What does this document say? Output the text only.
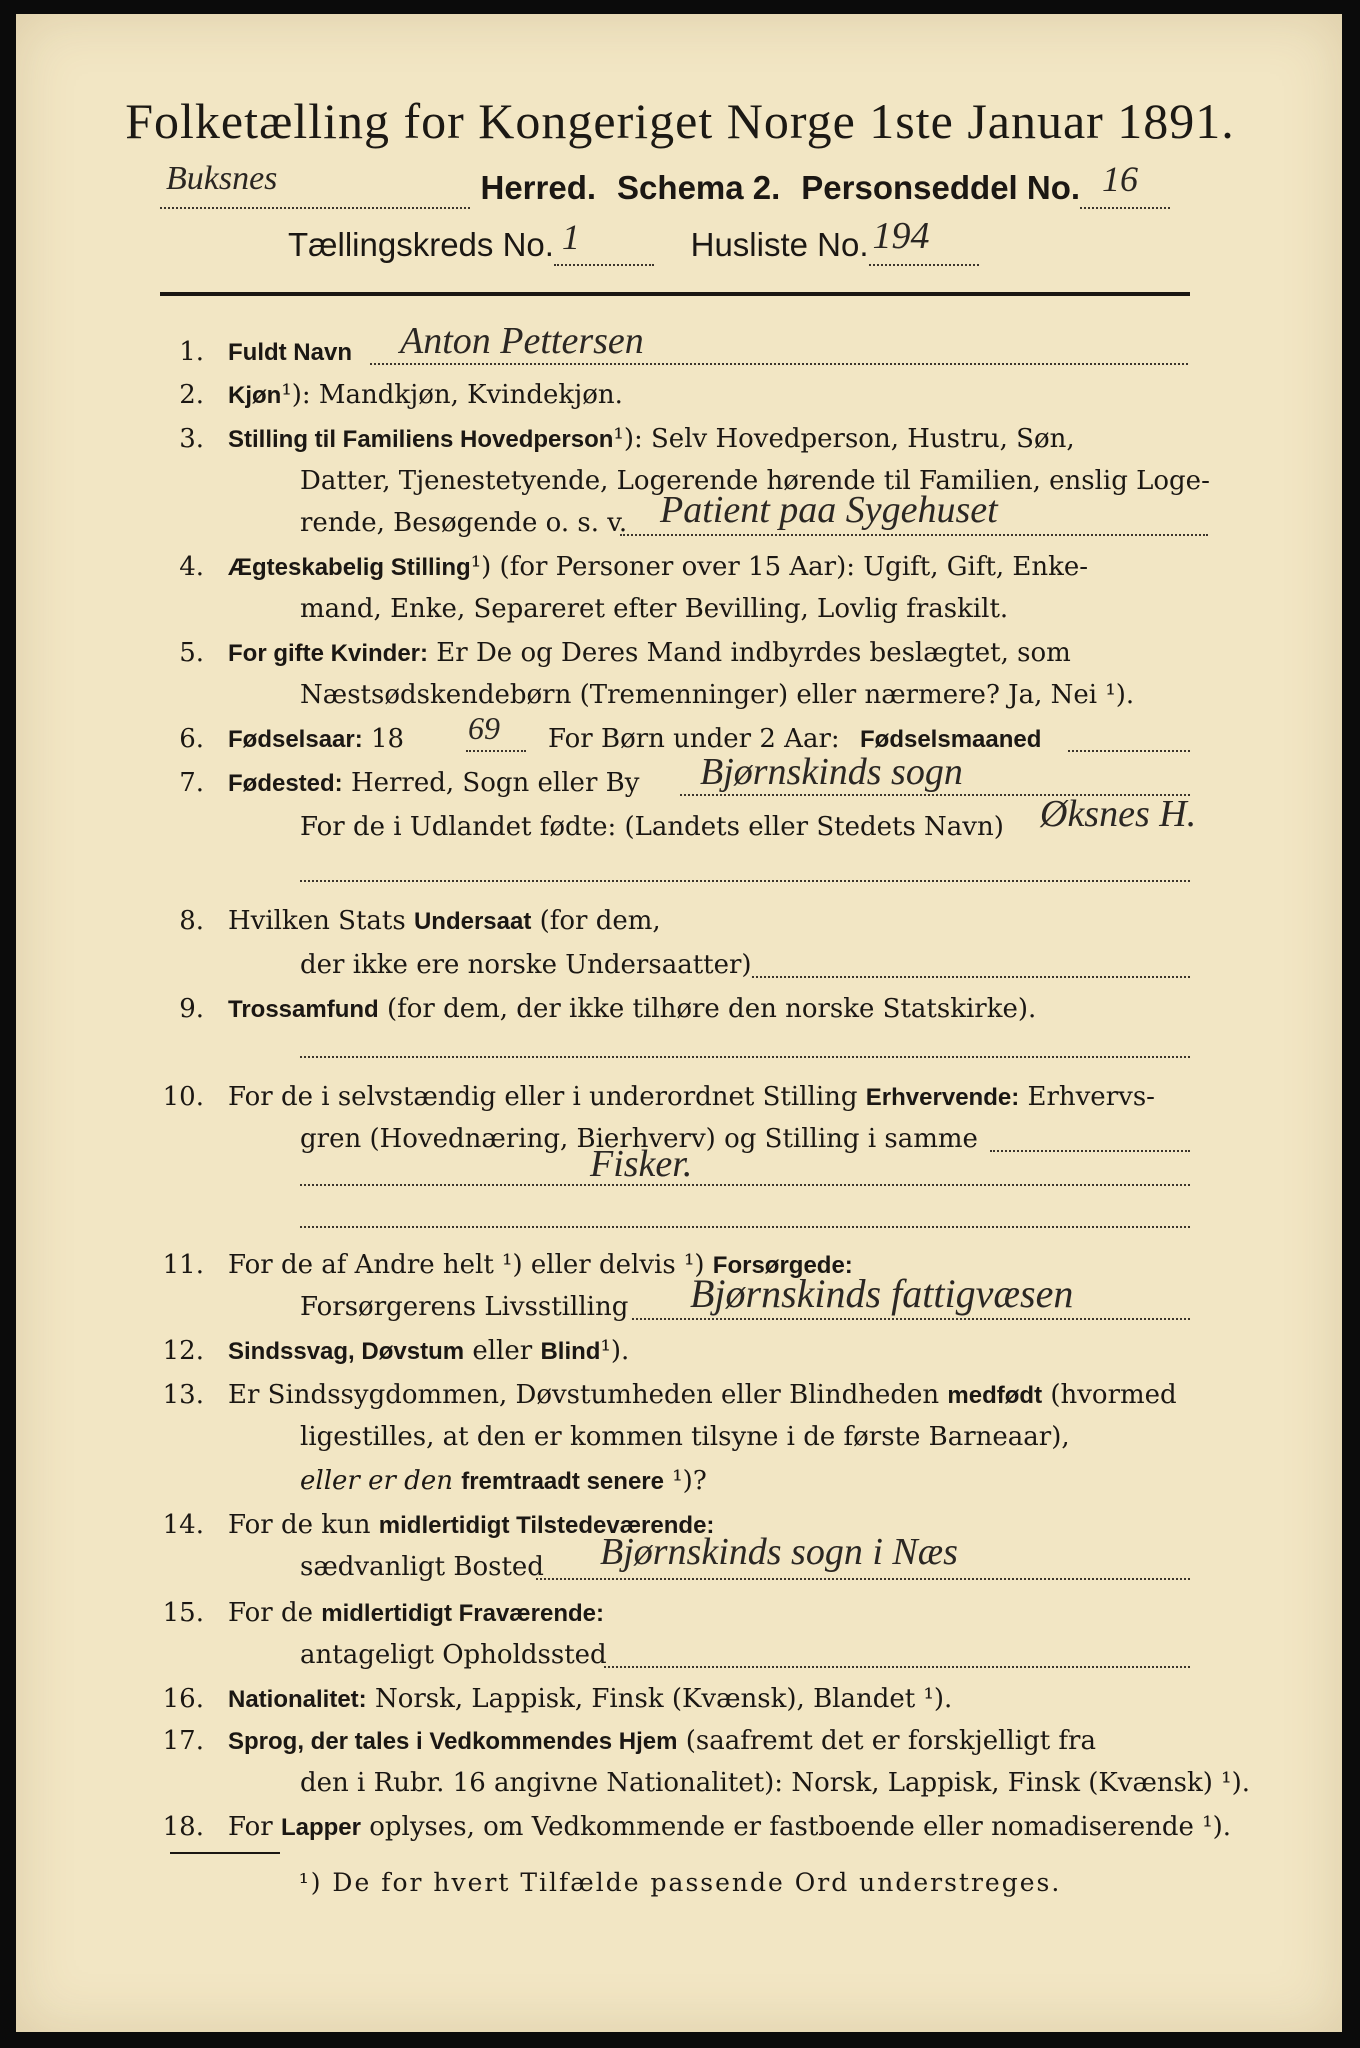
Folketælling for Kongeriget Norge 1ste Januar 1891.
Buksnes	Herred. Schema 2. Personseddel No. 16

Tællingskreds No. 1	Husliste No. 194

1. Fuldt Navn Anton Pettersen
2. Kjøn¹): Mandkjøn, Kvindekjøn.
3. Stilling til Familiens Hovedperson¹): Selv Hovedperson, Hustru, Søn,
Datter, Tjenestetyende, Logerende hørende til Familien, enslig Loge-
rende, Besøgende o. s. v. Patient paa Sygehuset
4. Ægteskabelig Stilling¹) (for Personer over 15 Aar): Ugift, Gift, Enke-
mand, Enke, Separeret efter Bevilling, Lovlig fraskilt.
5. For gifte Kvinder: Er De og Deres Mand indbyrdes beslægtet, som
Næstsødskendebørn (Tremenninger) eller nærmere? Ja, Nei ¹).
6. Fødselsaar: 18 69 For Børn under 2 Aar: Fødselsmaaned
7. Fødested: Herred, Sogn eller By Bjørnskinds sogn
For de i Udlandet fødte: (Landets eller Stedets Navn) Øksnes H.
8. Hvilken Stats Undersaat (for dem,
der ikke ere norske Undersaatter)
9. Trossamfund (for dem, der ikke tilhøre den norske Statskirke).
10. For de i selvstændig eller i underordnet Stilling Erhvervende: Erhvervs-
gren (Hovednæring, Bierhverv) og Stilling i samme
Fisker.
11. For de af Andre helt ¹) eller delvis ¹) Forsørgede:
Forsørgerens Livsstilling Bjørnskinds fattigvæsen
12. Sindssvag, Døvstum eller Blind¹).
13. Er Sindssygdommen, Døvstumheden eller Blindheden medfødt (hvormed
ligestilles, at den er kommen tilsyne i de første Barneaar),
eller er den fremtraadt senere ¹)?
14. For de kun midlertidigt Tilstedeværende:
sædvanligt Bosted Bjørnskinds sogn i Næs
15. For de midlertidigt Fraværende:
antageligt Opholdssted
16. Nationalitet: Norsk, Lappisk, Finsk (Kvænsk), Blandet ¹).
17. Sprog, der tales i Vedkommendes Hjem (saafremt det er forskjelligt fra
den i Rubr. 16 angivne Nationalitet): Norsk, Lappisk, Finsk (Kvænsk) ¹).
18. For Lapper oplyses, om Vedkommende er fastboende eller nomadiserende ¹).
¹) De for hvert Tilfælde passende Ord understreges.
